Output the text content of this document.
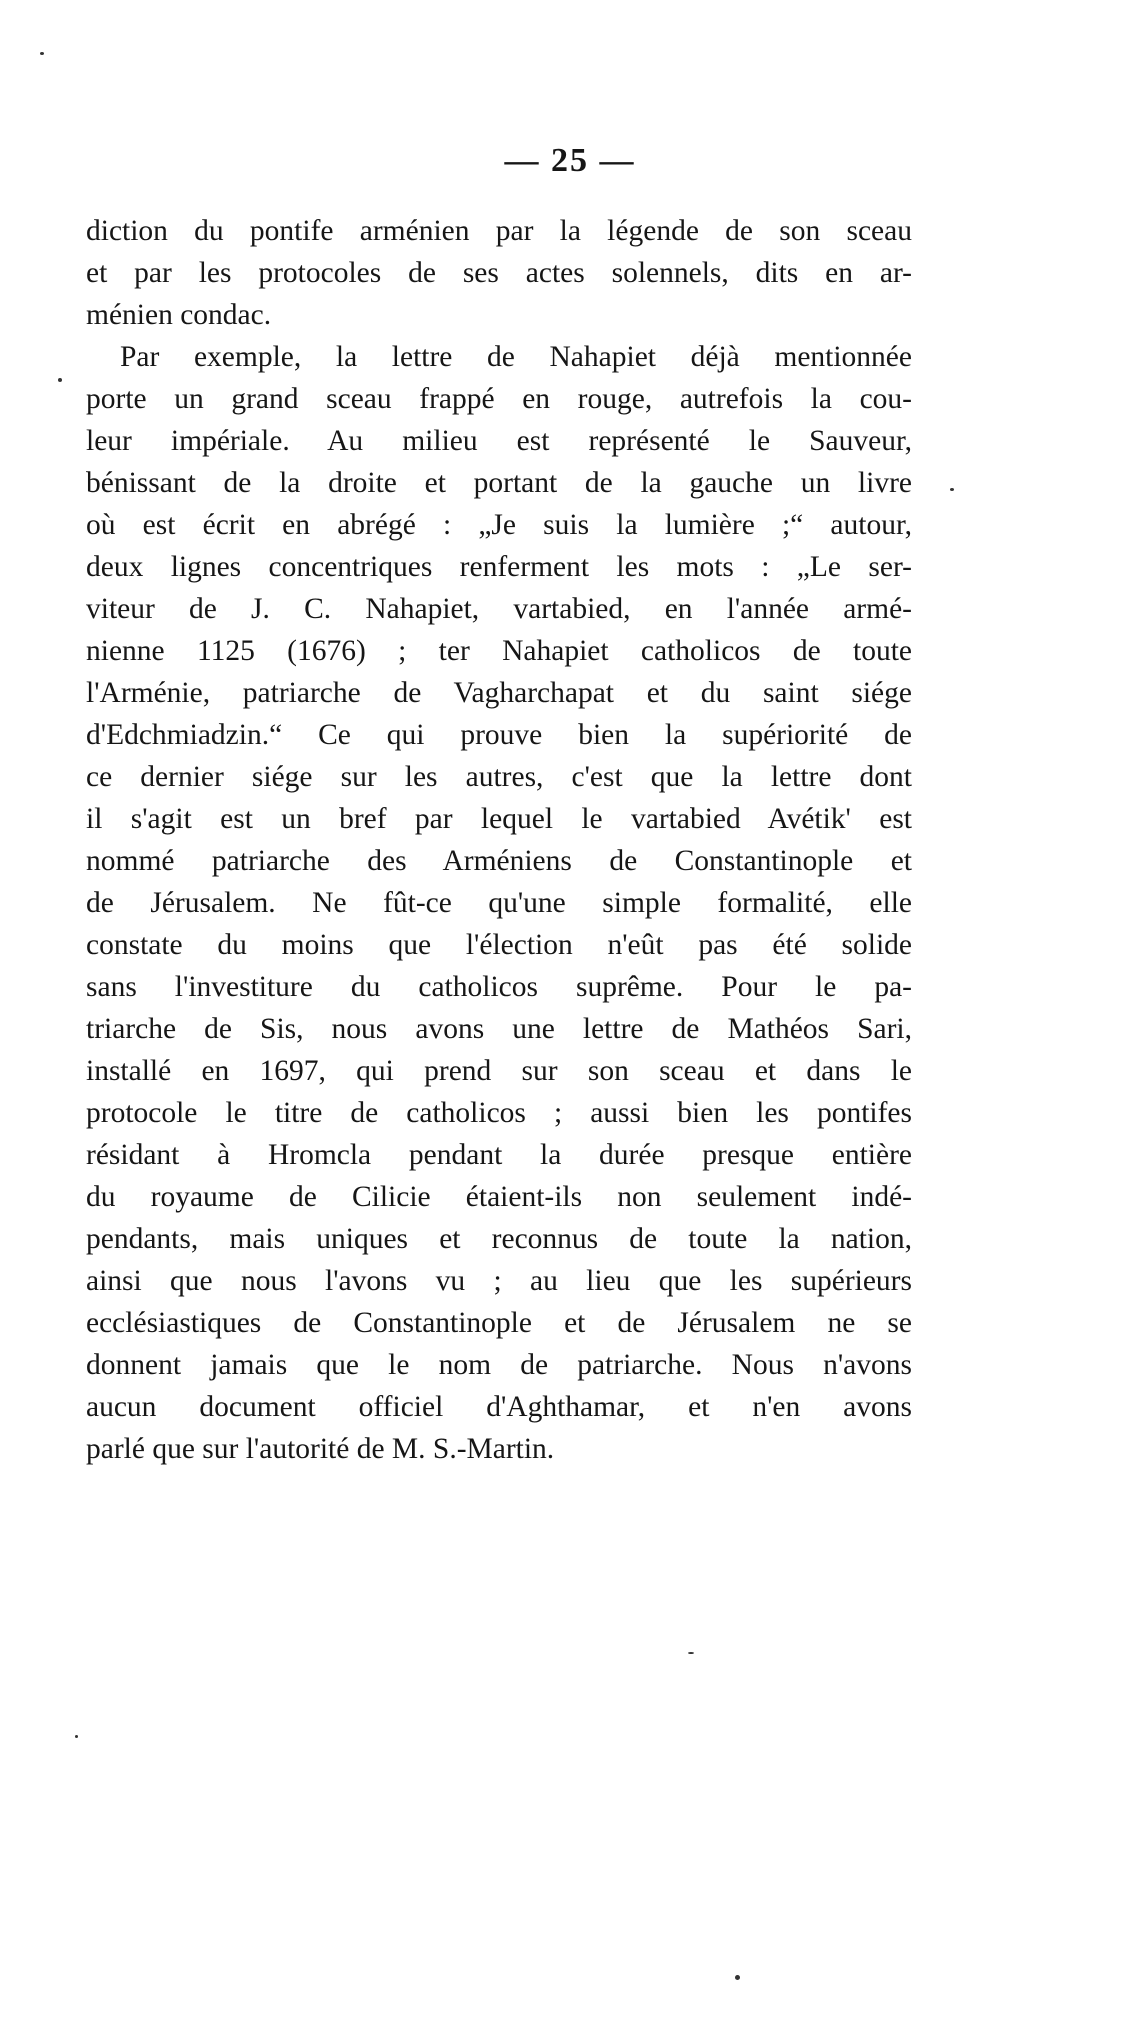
— 25 —
diction du pontife arménien par la légende de son sceau
et par les protocoles de ses actes solennels, dits en ar-
ménien condac.
Par exemple, la lettre de Nahapiet déjà mentionnée
porte un grand sceau frappé en rouge, autrefois la cou-
leur impériale. Au milieu est représenté le Sauveur,
bénissant de la droite et portant de la gauche un livre
où est écrit en abrégé : „Je suis la lumière ;“ autour,
deux lignes concentriques renferment les mots : „Le ser-
viteur de J. C. Nahapiet, vartabied, en l'année armé-
nienne 1125 (1676) ; ter Nahapiet catholicos de toute
l'Arménie, patriarche de Vagharchapat et du saint siége
d'Edchmiadzin.“ Ce qui prouve bien la supériorité de
ce dernier siége sur les autres, c'est que la lettre dont
il s'agit est un bref par lequel le vartabied Avétik' est
nommé patriarche des Arméniens de Constantinople et
de Jérusalem. Ne fût-ce qu'une simple formalité, elle
constate du moins que l'élection n'eût pas été solide
sans l'investiture du catholicos suprême. Pour le pa-
triarche de Sis, nous avons une lettre de Mathéos Sari,
installé en 1697, qui prend sur son sceau et dans le
protocole le titre de catholicos ; aussi bien les pontifes
résidant à Hromcla pendant la durée presque entière
du royaume de Cilicie étaient-ils non seulement indé-
pendants, mais uniques et reconnus de toute la nation,
ainsi que nous l'avons vu ; au lieu que les supérieurs
ecclésiastiques de Constantinople et de Jérusalem ne se
donnent jamais que le nom de patriarche. Nous n'avons
aucun document officiel d'Aghthamar, et n'en avons
parlé que sur l'autorité de M. S.-Martin.
